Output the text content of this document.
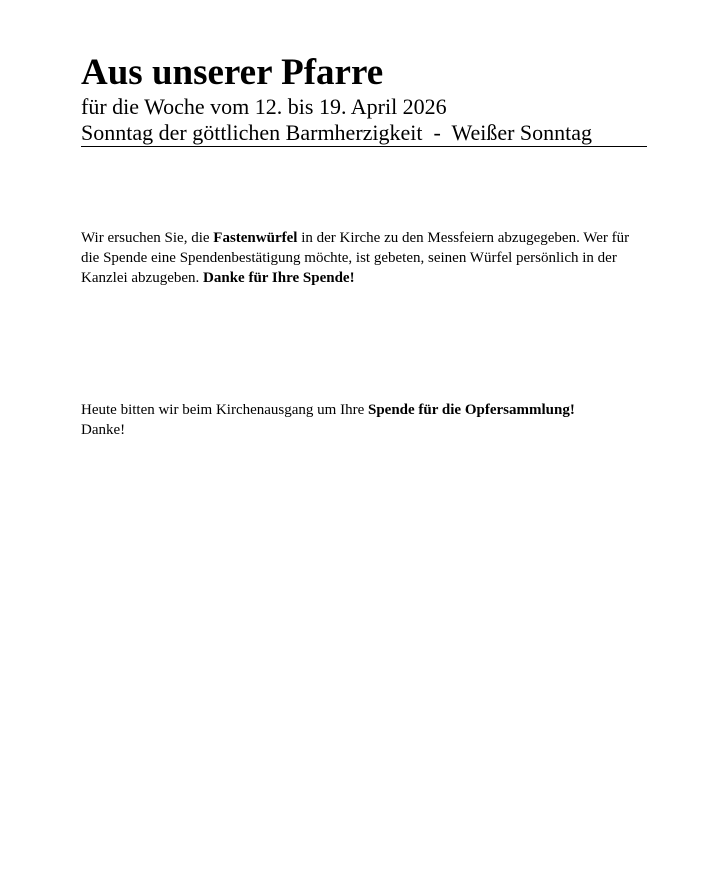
Aus unserer Pfarre
für die Woche vom 12. bis 19. April 2026
Sonntag der göttlichen Barmherzigkeit  -  Weißer Sonntag

Wir ersuchen Sie, die Fastenwürfel in der Kirche zu den Messfeiern abzugegeben. Wer für die Spende eine Spendenbestätigung möchte, ist gebeten, seinen Würfel persönlich in der Kanzlei abzugeben. Danke für Ihre Spende!

Heute bitten wir beim Kirchenausgang um Ihre Spende für die Opfersammlung!
Danke!
